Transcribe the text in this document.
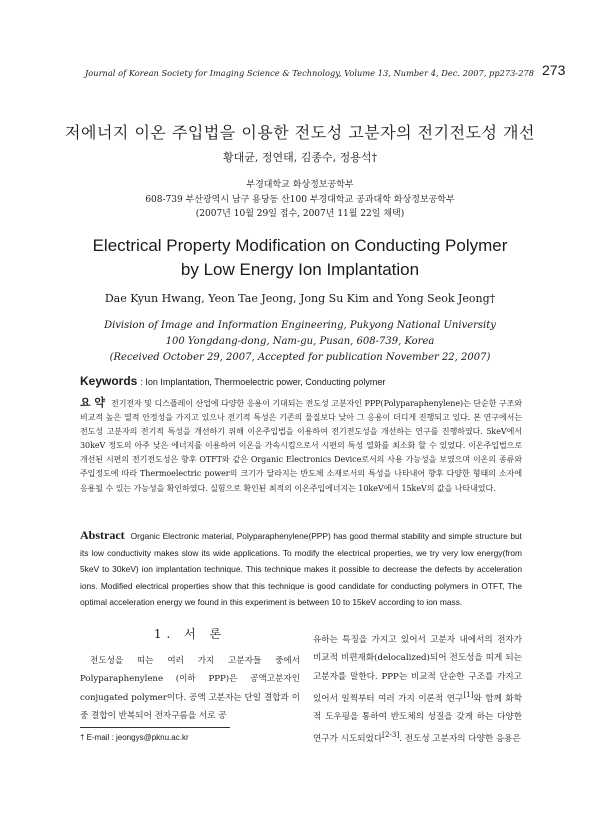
Journal of Korean Society for Imaging Science & Technology, Volume 13, Number 4, Dec. 2007, pp273-278 273
저에너지 이온 주입법을 이용한 전도성 고분자의 전기전도성 개선
황대균, 정연태, 김종수, 정용석†
부경대학교 화상정보공학부
608-739 부산광역시 남구 용당동 산100 부경대학교 공과대학 화상정보공학부
(2007년 10월 29일 접수, 2007년 11월 22일 채택)
Electrical Property Modification on Conducting Polymer
by Low Energy Ion Implantation
Dae Kyun Hwang, Yeon Tae Jeong, Jong Su Kim and Yong Seok Jeong†
Division of Image and Information Engineering, Pukyong National University
100 Yongdang-dong, Nam-gu, Pusan, 608-739, Korea
(Received October 29, 2007, Accepted for publication November 22, 2007)
Keywords : Ion Implantation, Thermoelectric power, Conducting polymer
요 약 전기전자 및 디스플레이 산업에 다양한 응용이 기대되는 전도성 고분자인 PPP(Polyparaphenylene)는 단순한 구조와 비교적 높은 열적 안정성을 가지고 있으나 전기적 특성은 기존의 물질보다 낮아 그 응용이 더디게 진행되고 있다. 본 연구에서는 전도성 고분자의 전기적 특성을 개선하기 위해 이온주입법을 이용하여 전기전도성을 개선하는 연구를 진행하였다. 5keV에서 30keV 정도의 아주 낮은 에너지를 이용하여 이온을 가속시킴으로서 시편의 특성 열화를 최소화 할 수 있었다. 이온주입법으로 개선된 시편의 전기전도성은 향후 OTFT와 같은 Organic Electronics Device로서의 사용 가능성을 보였으며 이온의 종류와 주입정도에 따라 Thermoelectric power의 크기가 달라지는 반도체 소재로서의 특성을 나타내어 향후 다양한 형태의 소자에 응용될 수 있는 가능성을 확인하였다. 실험으로 확인된 최적의 이온주입에너지는 10keV에서 15keV의 값을 나타내었다.
Abstract Organic Electronic material, Polyparaphenylene(PPP) has good thermal stability and simple structure but its low conductivity makes slow its wide applications. To modify the electrical properties, we try very low energy(from 5keV to 30keV) ion implantation technique. This technique makes it possible to decrease the defects by acceleration ions. Modified electrical properties show that this technique is good candidate for conducting polymers in OTFT, The optimal acceleration energy we found in this experiment is between 10 to 15keV according to ion mass.
1. 서 론
전도성을 띠는 여러 가지 고분자들 중에서 Polyparaphenylene (이하 PPP)은 공액고분자인 conjugated polymer이다. 공액 고분자는 단일 결합과 이중 결합이 반복되어 전자구름을 서로 공
유하는 특징을 가지고 있어서 고분자 내에서의 전자가 비교적 비편재화(delocalized)되어 전도성을 띠게 되는 고분자를 말한다. PPP는 비교적 단순한 구조를 가지고 있어서 일찍부터 여러 가지 이론적 연구[1]와 함께 화학적 도우핑을 통하여 반도체의 성질을 갖게 하는 다양한 연구가 시도되었다[2-3]. 전도성 고분자의 다양한 응용은
† E-mail : jeongys@pknu.ac.kr
